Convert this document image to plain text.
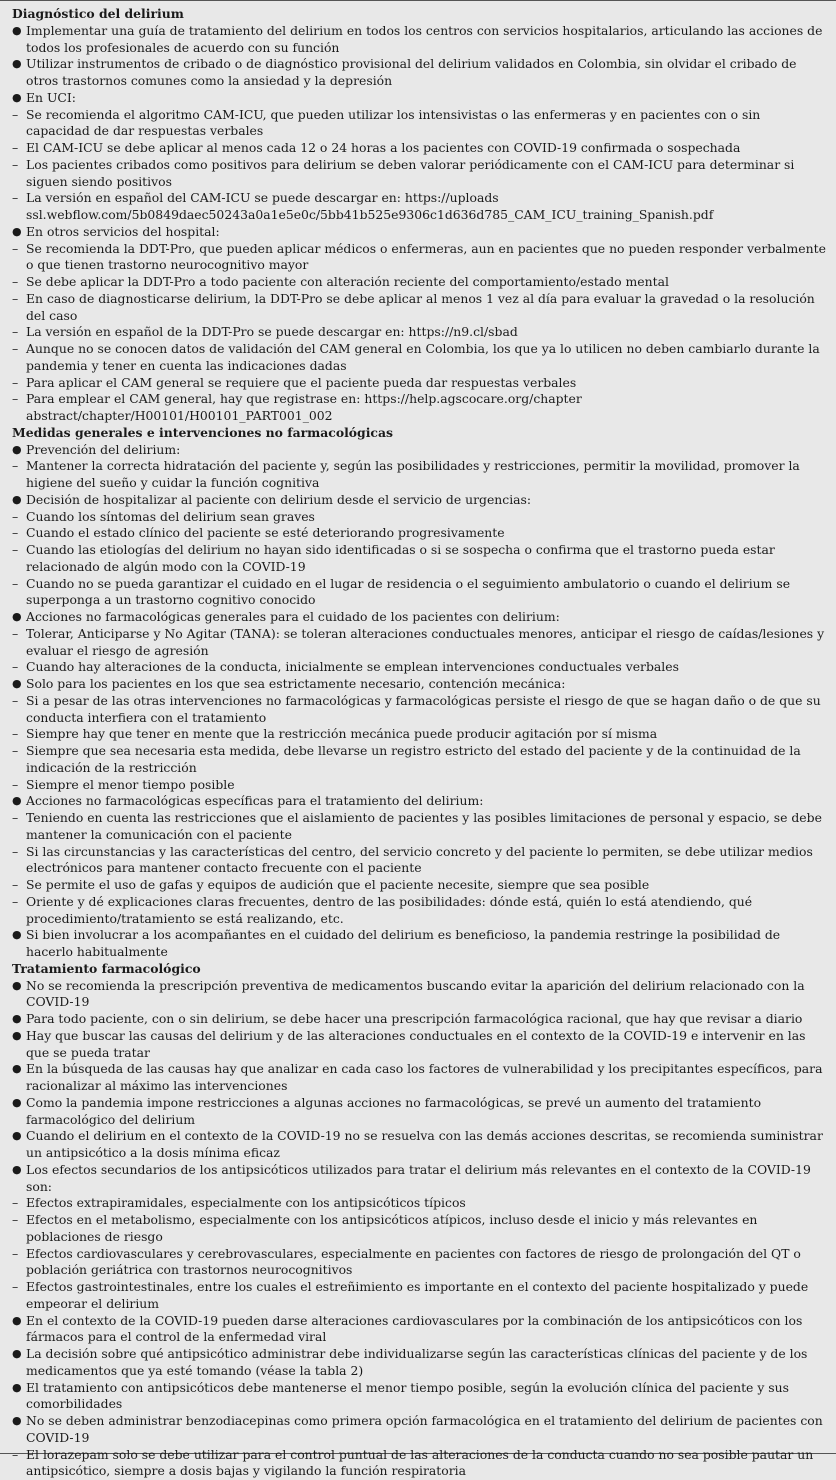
Diagnóstico del delirium
● Implementar una guía de tratamiento del delirium en todos los centros con servicios hospitalarios, articulando las acciones de todos los profesionales de acuerdo con su función
● Utilizar instrumentos de cribado o de diagnóstico provisional del delirium validados en Colombia, sin olvidar el cribado de otros trastornos comunes como la ansiedad y la depresión
● En UCI:
– Se recomienda el algoritmo CAM-ICU, que pueden utilizar los intensivistas o las enfermeras y en pacientes con o sin capacidad de dar respuestas verbales
– El CAM-ICU se debe aplicar al menos cada 12 o 24 horas a los pacientes con COVID-19 confirmada o sospechada
– Los pacientes cribados como positivos para delirium se deben valorar periódicamente con el CAM-ICU para determinar si siguen siendo positivos
– La versión en español del CAM-ICU se puede descargar en: https://uploads ssl.webflow.com/5b0849daec50243a0a1e5e0c/5bb41b525e9306c1d636d785_CAM_ICU_training_Spanish.pdf
● En otros servicios del hospital:
– Se recomienda la DDT-Pro, que pueden aplicar médicos o enfermeras, aun en pacientes que no pueden responder verbalmente o que tienen trastorno neurocognitivo mayor
– Se debe aplicar la DDT-Pro a todo paciente con alteración reciente del comportamiento/estado mental
– En caso de diagnosticarse delirium, la DDT-Pro se debe aplicar al menos 1 vez al día para evaluar la gravedad o la resolución del caso
– La versión en español de la DDT-Pro se puede descargar en: https://n9.cl/sbad
– Aunque no se conocen datos de validación del CAM general en Colombia, los que ya lo utilicen no deben cambiarlo durante la pandemia y tener en cuenta las indicaciones dadas
– Para aplicar el CAM general se requiere que el paciente pueda dar respuestas verbales
– Para emplear el CAM general, hay que registrase en: https://help.agscocare.org/chapter abstract/chapter/H00101/H00101_PART001_002
Medidas generales e intervenciones no farmacológicas
● Prevención del delirium:
– Mantener la correcta hidratación del paciente y, según las posibilidades y restricciones, permitir la movilidad, promover la higiene del sueño y cuidar la función cognitiva
● Decisión de hospitalizar al paciente con delirium desde el servicio de urgencias:
– Cuando los síntomas del delirium sean graves
– Cuando el estado clínico del paciente se esté deteriorando progresivamente
– Cuando las etiologías del delirium no hayan sido identificadas o si se sospecha o confirma que el trastorno pueda estar relacionado de algún modo con la COVID-19
– Cuando no se pueda garantizar el cuidado en el lugar de residencia o el seguimiento ambulatorio o cuando el delirium se superponga a un trastorno cognitivo conocido
● Acciones no farmacológicas generales para el cuidado de los pacientes con delirium:
– Tolerar, Anticiparse y No Agitar (TANA): se toleran alteraciones conductuales menores, anticipar el riesgo de caídas/lesiones y evaluar el riesgo de agresión
– Cuando hay alteraciones de la conducta, inicialmente se emplean intervenciones conductuales verbales
● Solo para los pacientes en los que sea estrictamente necesario, contención mecánica:
– Si a pesar de las otras intervenciones no farmacológicas y farmacológicas persiste el riesgo de que se hagan daño o de que su conducta interfiera con el tratamiento
– Siempre hay que tener en mente que la restricción mecánica puede producir agitación por sí misma
– Siempre que sea necesaria esta medida, debe llevarse un registro estricto del estado del paciente y de la continuidad de la indicación de la restricción
– Siempre el menor tiempo posible
● Acciones no farmacológicas específicas para el tratamiento del delirium:
– Teniendo en cuenta las restricciones que el aislamiento de pacientes y las posibles limitaciones de personal y espacio, se debe mantener la comunicación con el paciente
– Si las circunstancias y las características del centro, del servicio concreto y del paciente lo permiten, se debe utilizar medios electrónicos para mantener contacto frecuente con el paciente
– Se permite el uso de gafas y equipos de audición que el paciente necesite, siempre que sea posible
– Oriente y dé explicaciones claras frecuentes, dentro de las posibilidades: dónde está, quién lo está atendiendo, qué procedimiento/tratamiento se está realizando, etc.
● Si bien involucrar a los acompañantes en el cuidado del delirium es beneficioso, la pandemia restringe la posibilidad de hacerlo habitualmente
Tratamiento farmacológico
● No se recomienda la prescripción preventiva de medicamentos buscando evitar la aparición del delirium relacionado con la COVID-19
● Para todo paciente, con o sin delirium, se debe hacer una prescripción farmacológica racional, que hay que revisar a diario
● Hay que buscar las causas del delirium y de las alteraciones conductuales en el contexto de la COVID-19 e intervenir en las que se pueda tratar
● En la búsqueda de las causas hay que analizar en cada caso los factores de vulnerabilidad y los precipitantes específicos, para racionalizar al máximo las intervenciones
● Como la pandemia impone restricciones a algunas acciones no farmacológicas, se prevé un aumento del tratamiento farmacológico del delirium
● Cuando el delirium en el contexto de la COVID-19 no se resuelva con las demás acciones descritas, se recomienda suministrar un antipsicótico a la dosis mínima eficaz
● Los efectos secundarios de los antipsicóticos utilizados para tratar el delirium más relevantes en el contexto de la COVID-19 son:
– Efectos extrapiramidales, especialmente con los antipsicóticos típicos
– Efectos en el metabolismo, especialmente con los antipsicóticos atípicos, incluso desde el inicio y más relevantes en poblaciones de riesgo
– Efectos cardiovasculares y cerebrovasculares, especialmente en pacientes con factores de riesgo de prolongación del QT o población geriátrica con trastornos neurocognitivos
– Efectos gastrointestinales, entre los cuales el estreñimiento es importante en el contexto del paciente hospitalizado y puede empeorar el delirium
● En el contexto de la COVID-19 pueden darse alteraciones cardiovasculares por la combinación de los antipsicóticos con los fármacos para el control de la enfermedad viral
● La decisión sobre qué antipsicótico administrar debe individualizarse según las características clínicas del paciente y de los medicamentos que ya esté tomando (véase la tabla 2)
● El tratamiento con antipsicóticos debe mantenerse el menor tiempo posible, según la evolución clínica del paciente y sus comorbilidades
● No se deben administrar benzodiacepinas como primera opción farmacológica en el tratamiento del delirium de pacientes con COVID-19
– El lorazepam solo se debe utilizar para el control puntual de las alteraciones de la conducta cuando no sea posible pautar un antipsicótico, siempre a dosis bajas y vigilando la función respiratoria
